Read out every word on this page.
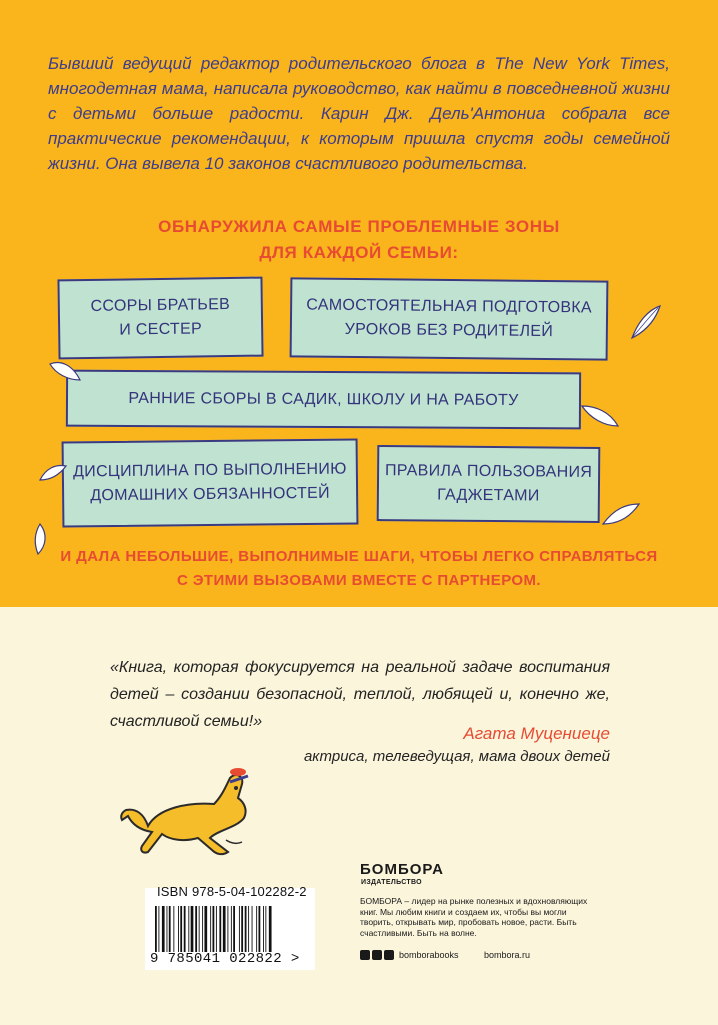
Бывший ведущий редактор родительского блога в The New York Times, многодетная мама, написала руководство, как найти в повседневной жизни с детьми больше радости. Карин Дж. Дель'Антониа собрала все практические рекомендации, к которым пришла спустя годы семейной жизни. Она вывела 10 законов счастливого родительства.

ОБНАРУЖИЛА САМЫЕ ПРОБЛЕМНЫЕ ЗОНЫ
ДЛЯ КАЖДОЙ СЕМЬИ:
ССОРЫ БРАТЬЕВ
И СЕСТЕР
САМОСТОЯТЕЛЬНАЯ ПОДГОТОВКА
УРОКОВ БЕЗ РОДИТЕЛЕЙ
РАННИЕ СБОРЫ В САДИК, ШКОЛУ И НА РАБОТУ
ДИСЦИПЛИНА ПО ВЫПОЛНЕНИЮ
ДОМАШНИХ ОБЯЗАННОСТЕЙ
ПРАВИЛА ПОЛЬЗОВАНИЯ
ГАДЖЕТАМИ
И ДАЛА НЕБОЛЬШИЕ, ВЫПОЛНИМЫЕ ШАГИ, ЧТОБЫ ЛЕГКО СПРАВЛЯТЬСЯ
С ЭТИМИ ВЫЗОВАМИ ВМЕСТЕ С ПАРТНЕРОМ.

«Книга, которая фокусируется на реальной задаче воспитания детей – создании безопасной, теплой, любящей и, конечно же, счастливой семьи!»

Агата Муцениеце
актриса, телеведущая, мама двоих детей
ISBN 978-5-04-102282-2
9 785041 022822 >
БОМБОРА
ИЗДАТЕЛЬСТВО
БОМБОРА – лидер на рынке полезных и вдохновляющих книг. Мы любим книги и создаем их, чтобы вы могли творить, открывать мир, пробовать новое, расти. Быть счастливыми. Быть на волне.
bomborabooks	bombora.ru
